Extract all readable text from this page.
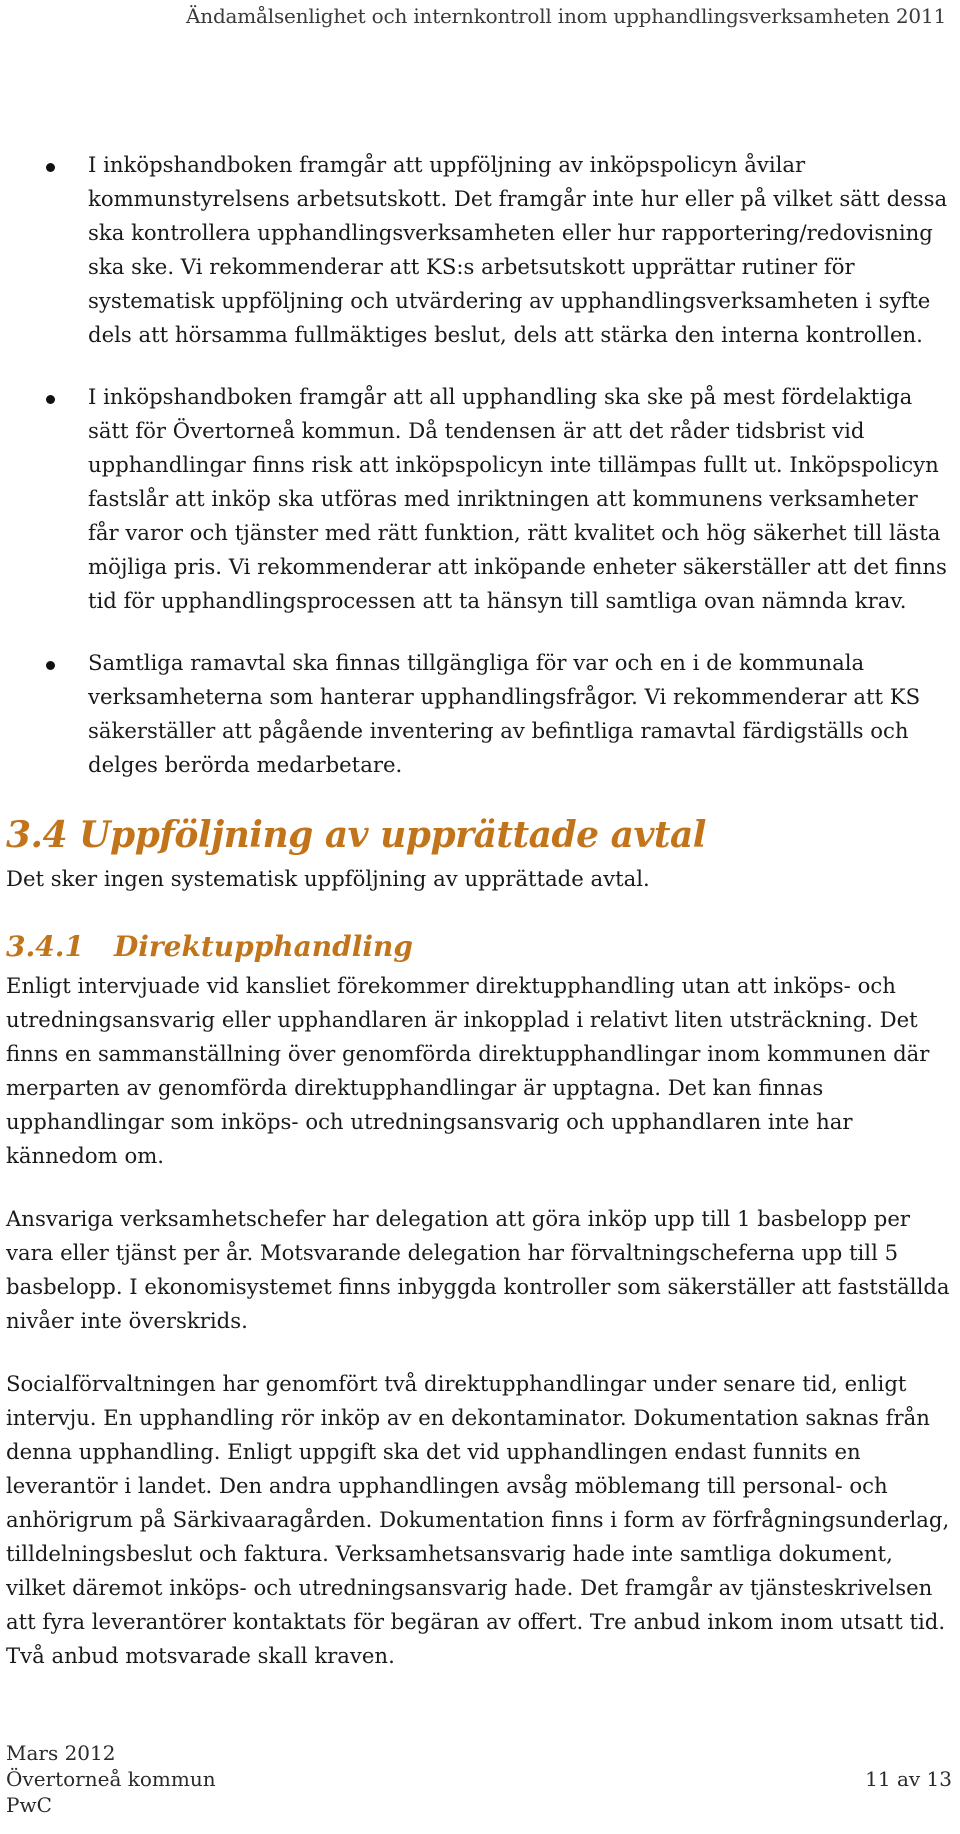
Ändamålsenlighet och internkontroll inom upphandlingsverksamheten 2011
I inköpshandboken framgår att uppföljning av inköpspolicyn åvilar kommunstyrelsens arbetsutskott. Det framgår inte hur eller på vilket sätt dessa ska kontrollera upphandlingsverksamheten eller hur rapportering/redovisning ska ske. Vi rekommenderar att KS:s arbetsutskott upprättar rutiner för systematisk uppföljning och utvärdering av upphandlingsverksamheten i syfte dels att hörsamma fullmäktiges beslut, dels att stärka den interna kontrollen.
I inköpshandboken framgår att all upphandling ska ske på mest fördelaktiga sätt för Övertorneå kommun. Då tendensen är att det råder tidsbrist vid upphandlingar finns risk att inköpspolicyn inte tillämpas fullt ut. Inköpspolicyn fastslår att inköp ska utföras med inriktningen att kommunens verksamheter får varor och tjänster med rätt funktion, rätt kvalitet och hög säkerhet till lästa möjliga pris. Vi rekommenderar att inköpande enheter säkerställer att det finns tid för upphandlingsprocessen att ta hänsyn till samtliga ovan nämnda krav.
Samtliga ramavtal ska finnas tillgängliga för var och en i de kommunala verksamheterna som hanterar upphandlingsfrågor. Vi rekommenderar att KS säkerställer att pågående inventering av befintliga ramavtal färdigställs och delges berörda medarbetare.
3.4 Uppföljning av upprättade avtal

Det sker ingen systematisk uppföljning av upprättade avtal.

3.4.1 Direktupphandling

Enligt intervjuade vid kansliet förekommer direktupphandling utan att inköps- och utredningsansvarig eller upphandlaren är inkopplad i relativt liten utsträckning. Det finns en sammanställning över genomförda direktupphandlingar inom kommunen där merparten av genomförda direktupphandlingar är upptagna. Det kan finnas upphandlingar som inköps- och utredningsansvarig och upphandlaren inte har kännedom om.

Ansvariga verksamhetschefer har delegation att göra inköp upp till 1 basbelopp per vara eller tjänst per år. Motsvarande delegation har förvaltningscheferna upp till 5 basbelopp. I ekonomisystemet finns inbyggda kontroller som säkerställer att fastställda nivåer inte överskrids.

Socialförvaltningen har genomfört två direktupphandlingar under senare tid, enligt intervju. En upphandling rör inköp av en dekontaminator. Dokumentation saknas från denna upphandling. Enligt uppgift ska det vid upphandlingen endast funnits en leverantör i landet. Den andra upphandlingen avsåg möblemang till personal- och anhörigrum på Särkivaaragården. Dokumentation finns i form av förfrågningsunderlag, tilldelningsbeslut och faktura. Verksamhetsansvarig hade inte samtliga dokument, vilket däremot inköps- och utredningsansvarig hade. Det framgår av tjänsteskrivelsen att fyra leverantörer kontaktats för begäran av offert. Tre anbud inkom inom utsatt tid. Två anbud motsvarade skall kraven.

Mars 2012
Övertorneå kommun
PwC
11 av 13
